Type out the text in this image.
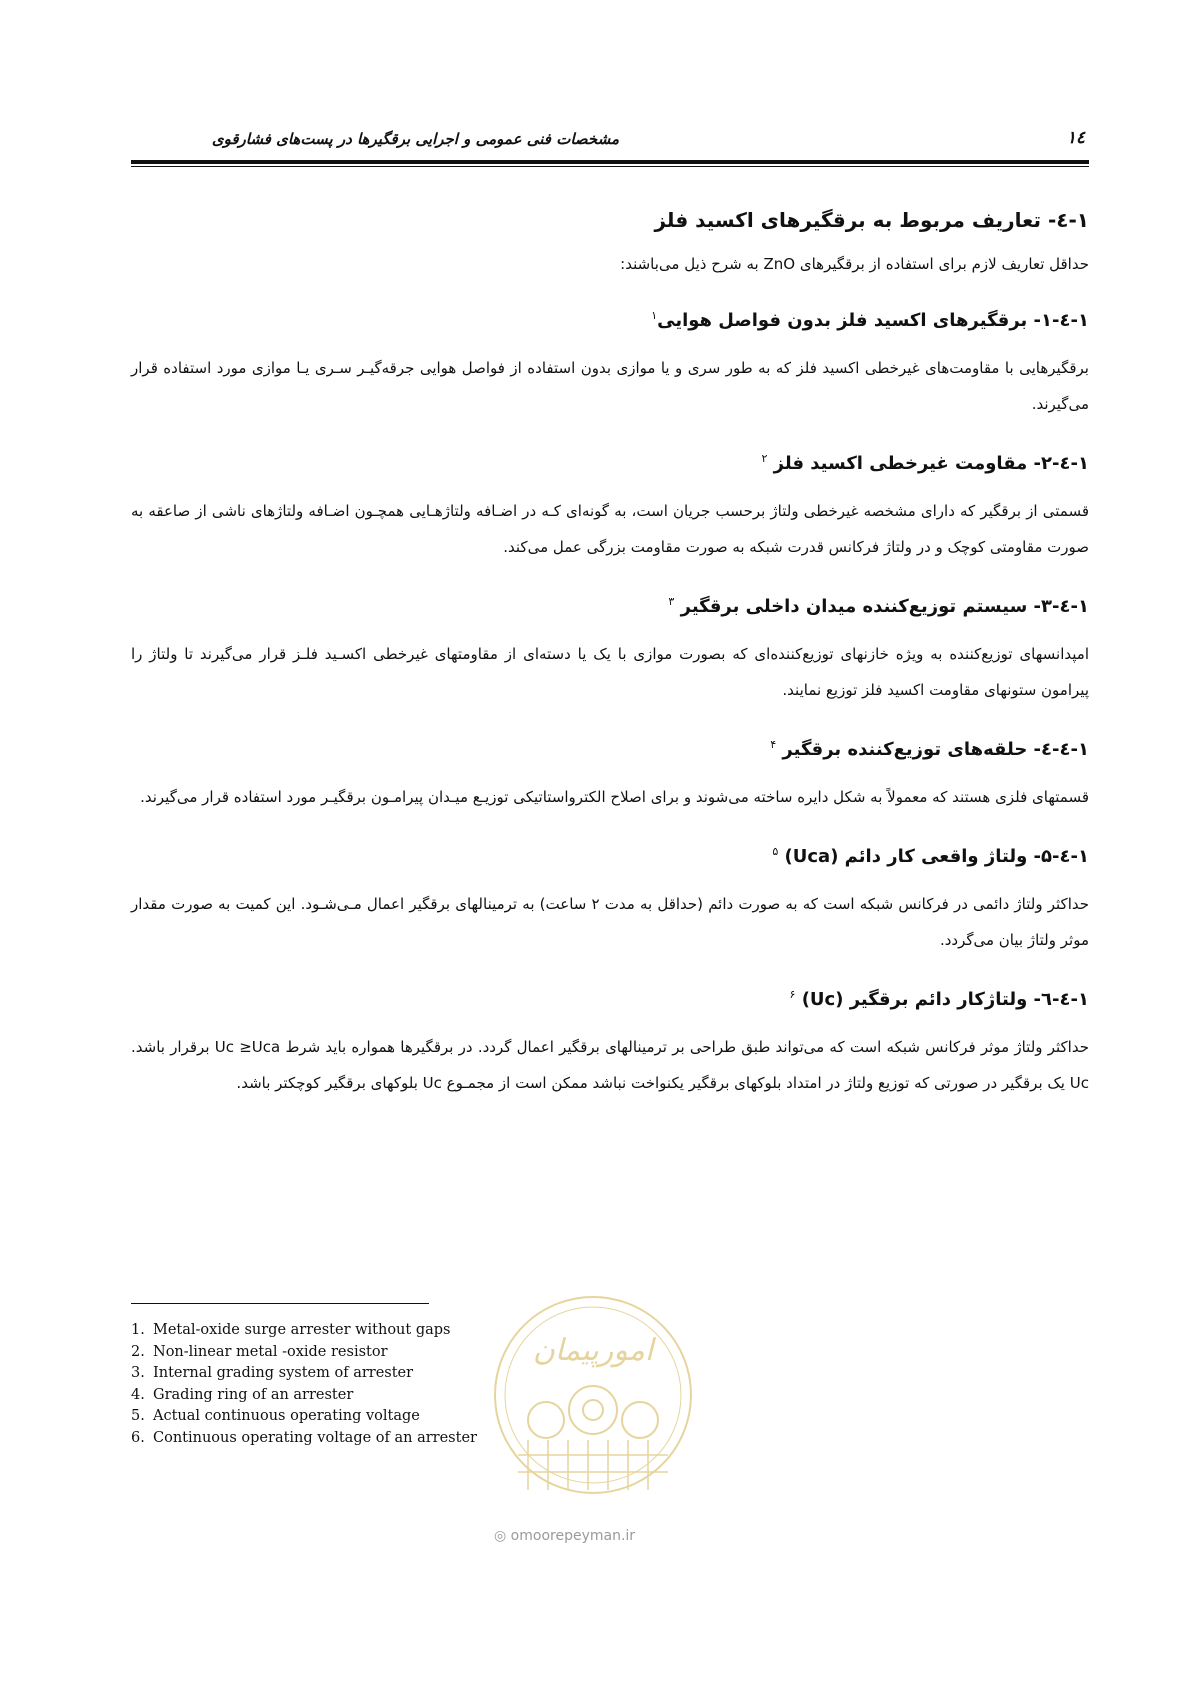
مشخصات فنی عمومی و اجرایی برقگیرها در پست‌های فشارقوی	۱٤
۱-٤- تعاریف مربوط به برقگیرهای اکسید فلز
حداقل تعاریف لازم برای استفاده از برقگیرهای ZnO به شرح ذیل می‌باشند:
۱-٤-۱- برقگیرهای اکسید فلز بدون فواصل هوایی$^۱$

برقگیرهایی با مقاومت‌های غیرخطی اکسید فلز که به طور سری و یا موازی بدون استفاده از فواصل هوایی جرقه‌گیـر سـری یـا موازی مورد استفاده قرار می‌گیرند.

۱-٤-۲- مقاومت غیرخطی اکسید فلز $^۲$

قسمتی از برقگیر که دارای مشخصه غیرخطی ولتاژ برحسب جریان است، به گونه‌ای کـه در اضـافه ولتاژهـایی همچـون اضـافه ولتاژهای ناشی از صاعقه به صورت مقاومتی کوچک و در ولتاژ فرکانس قدرت شبکه به صورت مقاومت بزرگی عمل می‌کند.

۱-٤-۳- سیستم توزیع‌کننده میدان داخلی برقگیر $^۳$

امپدانسهای توزیع‌کننده به ویژه خازنهای توزیع‌کننده‌ای که بصورت موازی با یک یا دسته‌ای از مقاومتهای غیرخطی اکسـید فلـز قرار می‌گیرند تا ولتاژ را پیرامون ستونهای مقاومت اکسید فلز توزیع نمایند.

۱-٤-٤- حلقه‌های توزیع‌کننده برقگیر $^۴$

قسمتهای فلزی هستند که معمولاً به شکل دایره ساخته می‌شوند و برای اصلاح الکترواستاتیکی توزیـع میـدان پیرامـون برقگیـر مورد استفاده قرار می‌گیرند.

۱-٤-۵- ولتاژ واقعی کار دائم (Uca) $^۵$

حداکثر ولتاژ دائمی در فرکانس شبکه است که به صورت دائم (حداقل به مدت ۲ ساعت) به ترمینالهای برقگیر اعمال مـی‌شـود. این کمیت به صورت مقدار موثر ولتاژ بیان می‌گردد.

۱-٤-٦- ولتاژکار دائم برقگیر (Uc) $^۶$

حداکثر ولتاژ موثر فرکانس شبکه است که می‌تواند طبق طراحی بر ترمینالهای برقگیر اعمال گردد. در برقگیرها همواره باید شرط Uc ≥Uca برقرار باشد. Uc یک برقگیر در صورتی که توزیع ولتاژ در امتداد بلوکهای برقگیر یکنواخت نباشد ممکن است از مجمـوع Uc بلوکهای برقگیر کوچکتر باشد.

امورپیمان
◎ omoorepeyman.ir
1. Metal-oxide surge arrester without gaps
2. Non-linear metal -oxide resistor
3. Internal grading system of arrester
4. Grading ring of an arrester
5. Actual continuous operating voltage
6. Continuous operating voltage of an arrester
